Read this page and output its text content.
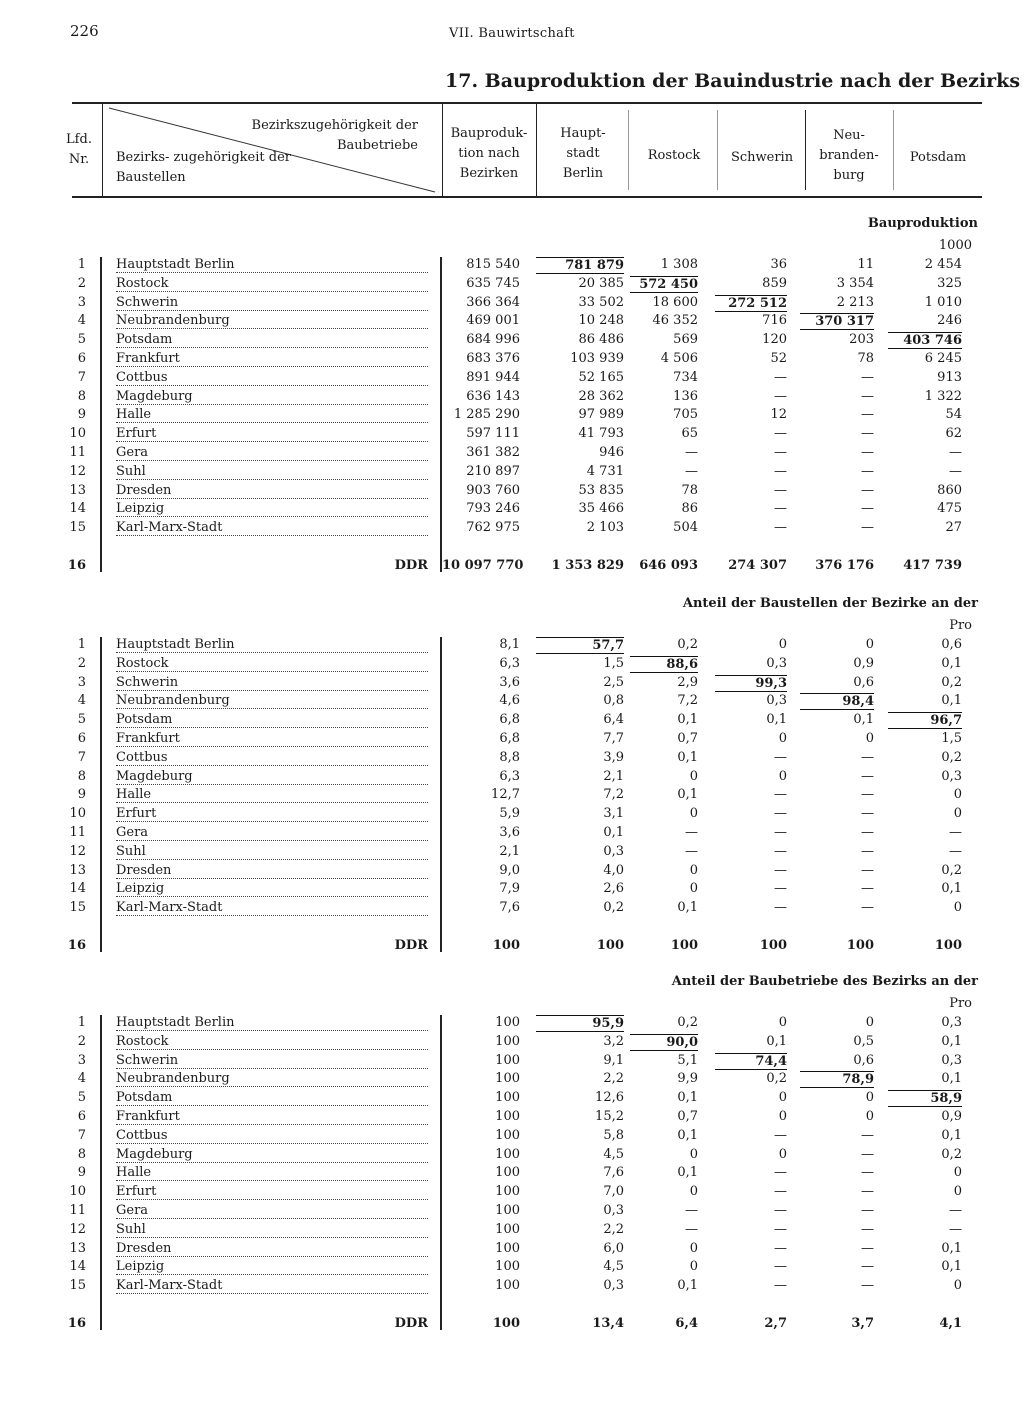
226	VII. Bauwirtschaft
17. Bauproduktion der Bauindustrie nach der Bezirks
Lfd. Nr.
Bezirkszugehörigkeit der Baubetriebe
Bezirks- zugehörigkeit der Baustellen
Bauproduk- tion nach Bezirken
Haupt- stadt Berlin
Rostock	Schwerin
Neu- branden- burg
Potsdam
Bauproduktion
1000
1 Hauptstadt Berlin	815 540	781 879	1 308	36	11	2 454
2 Rostock	635 745	20 385	572 450	859	3 354	325
3 Schwerin	366 364	33 502	18 600	272 512	2 213	1 010
4 Neubrandenburg	469 001	10 248	46 352	716	370 317	246
5 Potsdam	684 996	86 486	569	120	203	403 746
6 Frankfurt	683 376	103 939	4 506	52	78	6 245
7 Cottbus	891 944	52 165	734	—	—	913
8 Magdeburg	636 143	28 362	136	—	—	1 322
9 Halle	1 285 290	97 989	705	12	—	54
10 Erfurt	597 111	41 793	65	—	—	62
11 Gera	361 382	946	—	—	—	—
12 Suhl	210 897	4 731	—	—	—	—
13 Dresden	903 760	53 835	78	—	—	860
14 Leipzig	793 246	35 466	86	—	—	475
15 Karl-Marx-Stadt	762 975	2 103	504	—	—	27
16	DDR 10 097 770	1 353 829	646 093	274 307	376 176	417 739
Anteil der Baustellen der Bezirke an der
Pro
1 Hauptstadt Berlin	8,1	57,7	0,2	0	0	0,6
2 Rostock	6,3	1,5	88,6	0,3	0,9	0,1
3 Schwerin	3,6	2,5	2,9	99,3	0,6	0,2
4 Neubrandenburg	4,6	0,8	7,2	0,3	98,4	0,1
5 Potsdam	6,8	6,4	0,1	0,1	0,1	96,7
6 Frankfurt	6,8	7,7	0,7	0	0	1,5
7 Cottbus	8,8	3,9	0,1	—	—	0,2
8 Magdeburg	6,3	2,1	0	0	—	0,3
9 Halle	12,7	7,2	0,1	—	—	0
10 Erfurt	5,9	3,1	0	—	—	0
11 Gera	3,6	0,1	—	—	—	—
12 Suhl	2,1	0,3	—	—	—	—
13 Dresden	9,0	4,0	0	—	—	0,2
14 Leipzig	7,9	2,6	0	—	—	0,1
15 Karl-Marx-Stadt	7,6	0,2	0,1	—	—	0
16	DDR	100	100	100	100	100	100
Anteil der Baubetriebe des Bezirks an der
Pro
1 Hauptstadt Berlin	100	95,9	0,2	0	0	0,3
2 Rostock	100	3,2	90,0	0,1	0,5	0,1
3 Schwerin	100	9,1	5,1	74,4	0,6	0,3
4 Neubrandenburg	100	2,2	9,9	0,2	78,9	0,1
5 Potsdam	100	12,6	0,1	0	0	58,9
6 Frankfurt	100	15,2	0,7	0	0	0,9
7 Cottbus	100	5,8	0,1	—	—	0,1
8 Magdeburg	100	4,5	0	0	—	0,2
9 Halle	100	7,6	0,1	—	—	0
10 Erfurt	100	7,0	0	—	—	0
11 Gera	100	0,3	—	—	—	—
12 Suhl	100	2,2	—	—	—	—
13 Dresden	100	6,0	0	—	—	0,1
14 Leipzig	100	4,5	0	—	—	0,1
15 Karl-Marx-Stadt	100	0,3	0,1	—	—	0
16	DDR	100	13,4	6,4	2,7	3,7	4,1
